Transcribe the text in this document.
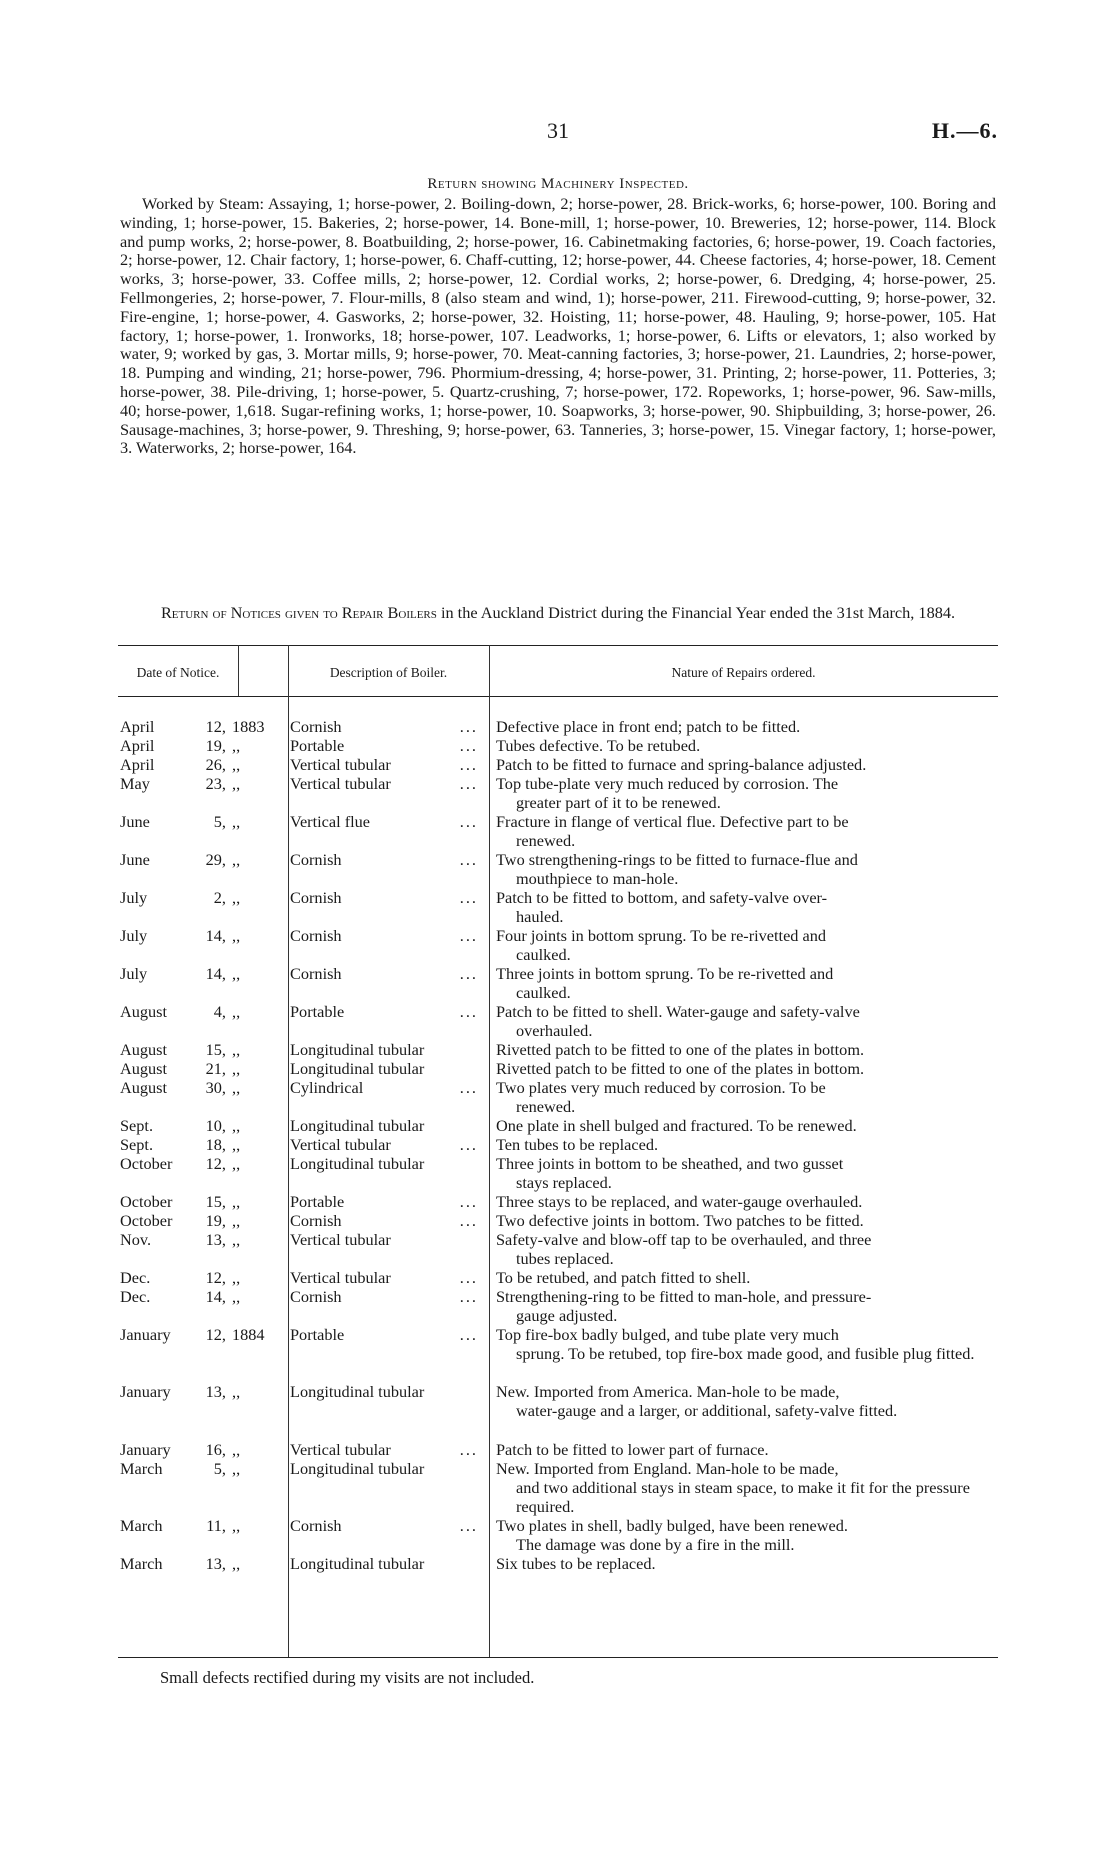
31	H.—6.
Return showing Machinery Inspected.

Worked by Steam: Assaying, 1; horse-power, 2. Boiling-down, 2; horse-power, 28. Brick-works, 6; horse-power, 100. Boring and winding, 1; horse-power, 15. Bakeries, 2; horse-power, 14. Bone-mill, 1; horse-power, 10. Breweries, 12; horse-power, 114. Block and pump works, 2; horse-power, 8. Boatbuilding, 2; horse-power, 16. Cabinetmaking factories, 6; horse-power, 19. Coach factories, 2; horse-power, 12. Chair factory, 1; horse-power, 6. Chaff-cutting, 12; horse-power, 44. Cheese factories, 4; horse-power, 18. Cement works, 3; horse-power, 33. Coffee mills, 2; horse-power, 12. Cordial works, 2; horse-power, 6. Dredging, 4; horse-power, 25. Fellmongeries, 2; horse-power, 7. Flour-mills, 8 (also steam and wind, 1); horse-power, 211. Firewood-cutting, 9; horse-power, 32. Fire-engine, 1; horse-power, 4. Gasworks, 2; horse-power, 32. Hoisting, 11; horse-power, 48. Hauling, 9; horse-power, 105. Hat factory, 1; horse-power, 1. Ironworks, 18; horse-power, 107. Leadworks, 1; horse-power, 6. Lifts or elevators, 1; also worked by water, 9; worked by gas, 3. Mortar mills, 9; horse-power, 70. Meat-canning factories, 3; horse-power, 21. Laundries, 2; horse-power, 18. Pumping and winding, 21; horse-power, 796. Phormium-dressing, 4; horse-power, 31. Printing, 2; horse-power, 11. Potteries, 3; horse-power, 38. Pile-driving, 1; horse-power, 5. Quartz-crushing, 7; horse-power, 172. Ropeworks, 1; horse-power, 96. Saw-mills, 40; horse-power, 1,618. Sugar-refining works, 1; horse-power, 10. Soapworks, 3; horse-power, 90. Shipbuilding, 3; horse-power, 26. Sausage-machines, 3; horse-power, 9. Threshing, 9; horse-power, 63. Tanneries, 3; horse-power, 15. Vinegar factory, 1; horse-power, 3. Waterworks, 2; horse-power, 164.

Return of Notices given to Repair Boilers in the Auckland District during the Financial Year ended the 31st March, 1884.

Date of Notice.	Description of Boiler.	Nature of Repairs ordered.
April	12, 1883	Cornish	... Defective place in front end; patch to be fitted.
April	19, ,,	Portable	... Tubes defective. To be retubed.
April	26, ,,	Vertical tubular	... Patch to be fitted to furnace and spring-balance adjusted.
May	23, ,,	Vertical tubular	... Top tube-plate very much reduced by corrosion. The
greater part of it to be renewed.
June	5, ,,	Vertical flue	... Fracture in flange of vertical flue. Defective part to be
renewed.
June	29, ,,	Cornish	... Two strengthening-rings to be fitted to furnace-flue and
mouthpiece to man-hole.
July	2, ,,	Cornish	... Patch to be fitted to bottom, and safety-valve over-
hauled.
July	14, ,,	Cornish	... Four joints in bottom sprung. To be re-rivetted and
caulked.
July	14, ,,	Cornish	... Three joints in bottom sprung. To be re-rivetted and
caulked.
August	4, ,,	Portable	... Patch to be fitted to shell. Water-gauge and safety-valve
overhauled.
August 15, ,,	Longitudinal tubular	Rivetted patch to be fitted to one of the plates in bottom.
August 21, ,,	Longitudinal tubular	Rivetted patch to be fitted to one of the plates in bottom.
August 30, ,,	Cylindrical	... Two plates very much reduced by corrosion. To be
renewed.
Sept.	10, ,,	Longitudinal tubular	One plate in shell bulged and fractured. To be renewed.
Sept.	18, ,,	Vertical tubular	... Ten tubes to be replaced.
October 12, ,,	Longitudinal tubular	Three joints in bottom to be sheathed, and two gusset
stays replaced.
October 15, ,,	Portable	... Three stays to be replaced, and water-gauge overhauled.
October 19, ,,	Cornish	... Two defective joints in bottom. Two patches to be fitted.
Nov.	13, ,,	Vertical tubular	Safety-valve and blow-off tap to be overhauled, and three
tubes replaced.
Dec.	12, ,,	Vertical tubular	... To be retubed, and patch fitted to shell.
Dec.	14, ,,	Cornish	... Strengthening-ring to be fitted to man-hole, and pressure-
gauge adjusted.
January 12, 1884	Portable	... Top fire-box badly bulged, and tube plate very much
sprung. To be retubed, top fire-box made good, and fusible plug fitted.
January 13, ,,	Longitudinal tubular	New. Imported from America. Man-hole to be made,
water-gauge and a larger, or additional, safety-valve fitted.
January 16, ,,	Vertical tubular	... Patch to be fitted to lower part of furnace.
March	5, ,,	Longitudinal tubular	New. Imported from England. Man-hole to be made,
and two additional stays in steam space, to make it fit for the pressure required.
March	11, ,,	Cornish	... Two plates in shell, badly bulged, have been renewed.
The damage was done by a fire in the mill.
March	13, ,,	Longitudinal tubular	Six tubes to be replaced.
Small defects rectified during my visits are not included.
